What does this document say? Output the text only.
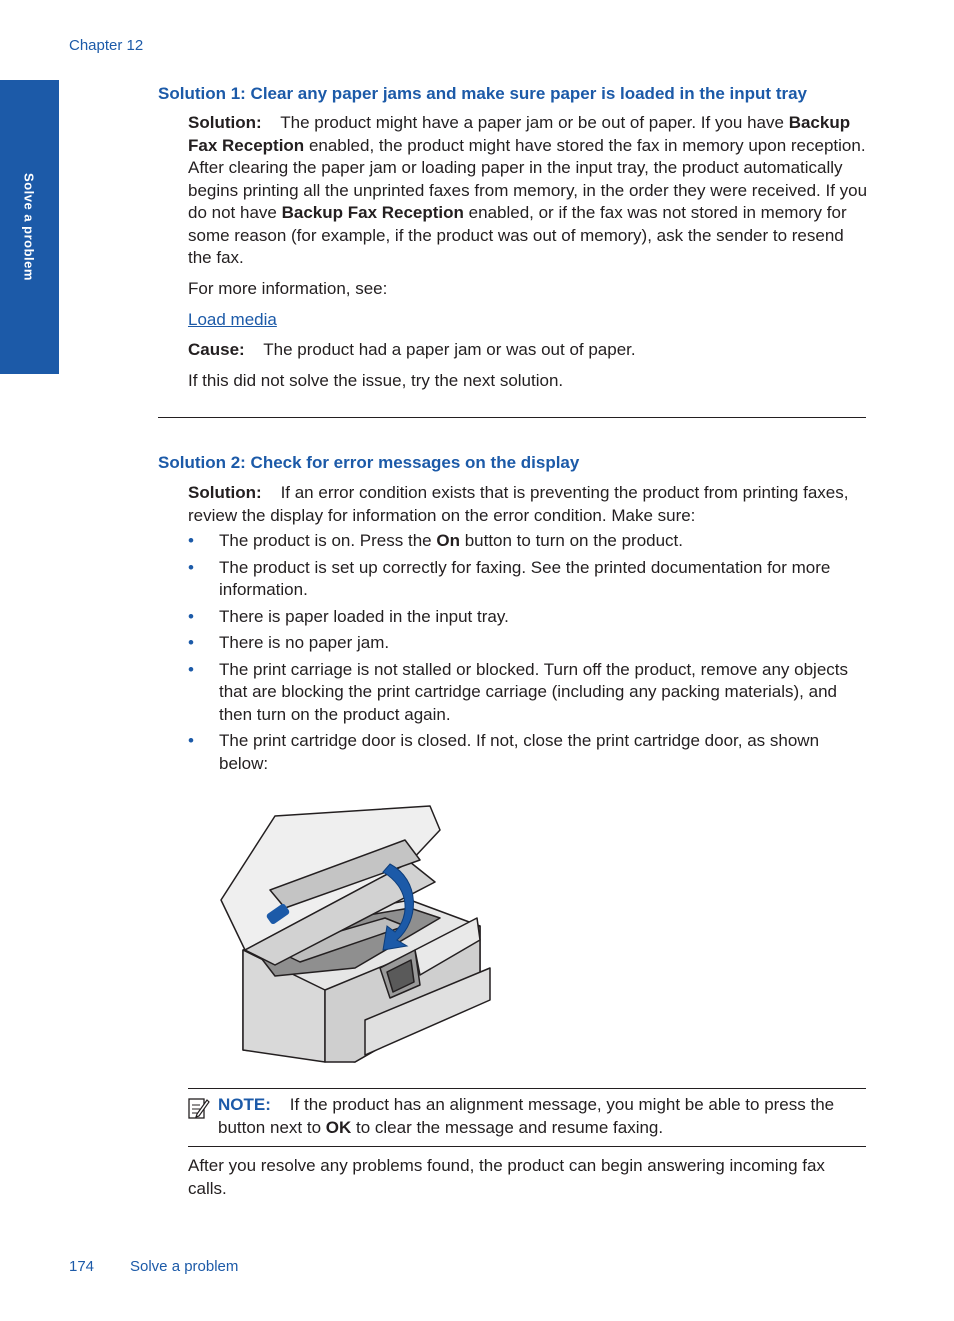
Chapter 12
Solve a problem
Solution 1: Clear any paper jams and make sure paper is loaded in the input tray

Solution: The product might have a paper jam or be out of paper. If you have Backup Fax Reception enabled, the product might have stored the fax in memory upon reception. After clearing the paper jam or loading paper in the input tray, the product automatically begins printing all the unprinted faxes from memory, in the order they were received. If you do not have Backup Fax Reception enabled, or if the fax was not stored in memory for some reason (for example, if the product was out of memory), ask the sender to resend the fax.

For more information, see:

Load media

Cause: The product had a paper jam or was out of paper.

If this did not solve the issue, try the next solution.

Solution 2: Check for error messages on the display

Solution: If an error condition exists that is preventing the product from printing faxes, review the display for information on the error condition. Make sure:

• The product is on. Press the On button to turn on the product.
• The product is set up correctly for faxing. See the printed documentation for more information.
• There is paper loaded in the input tray.
• There is no paper jam.
• The print carriage is not stalled or blocked. Turn off the product, remove any objects that are blocking the print cartridge carriage (including any packing materials), and then turn on the product again.
• The print cartridge door is closed. If not, close the print cartridge door, as shown below:

NOTE: If the product has an alignment message, you might be able to press the button next to OK to clear the message and resume faxing.

After you resolve any problems found, the product can begin answering incoming fax calls.

174 Solve a problem
